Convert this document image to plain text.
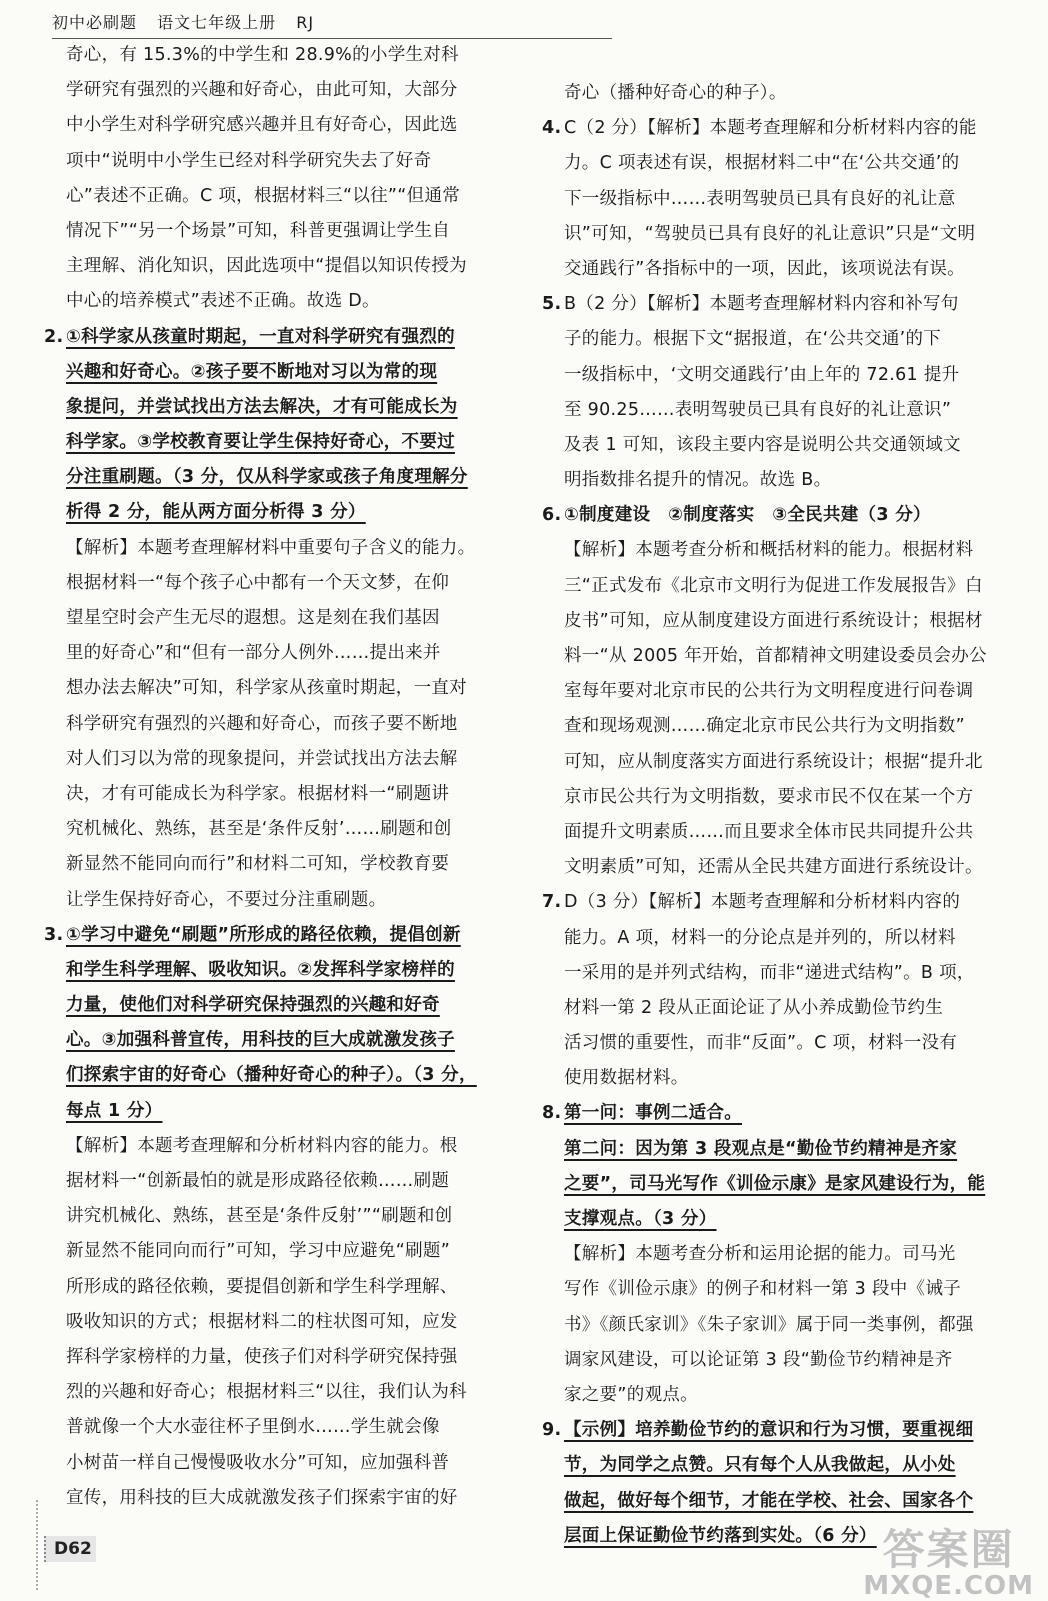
初中必刷题 语文七年级上册 RJ
奇心，有 15.3%的中学生和 28.9%的小学生对科
学研究有强烈的兴趣和好奇心，由此可知，大部分
中小学生对科学研究感兴趣并且有好奇心，因此选
项中“说明中小学生已经对科学研究失去了好奇
心”表述不正确。C 项，根据材料三“以往”“但通常
情况下”“另一个场景”可知，科普更强调让学生自
主理解、消化知识，因此选项中“提倡以知识传授为
中心的培养模式”表述不正确。故选 D。
2. ①科学家从孩童时期起，一直对科学研究有强烈的
兴趣和好奇心。②孩子要不断地对习以为常的现
象提问，并尝试找出方法去解决，才有可能成长为
科学家。③学校教育要让学生保持好奇心，不要过
分注重刷题。（3 分，仅从科学家或孩子角度理解分
析得 2 分，能从两方面分析得 3 分）
【解析】本题考查理解材料中重要句子含义的能力。
根据材料一“每个孩子心中都有一个天文梦，在仰
望星空时会产生无尽的遐想。这是刻在我们基因
里的好奇心”和“但有一部分人例外……提出来并
想办法去解决”可知，科学家从孩童时期起，一直对
科学研究有强烈的兴趣和好奇心，而孩子要不断地
对人们习以为常的现象提问，并尝试找出方法去解
决，才有可能成长为科学家。根据材料一“刷题讲
究机械化、熟练，甚至是‘条件反射’……刷题和创
新显然不能同向而行”和材料二可知，学校教育要
让学生保持好奇心，不要过分注重刷题。
3. ①学习中避免“刷题”所形成的路径依赖，提倡创新
和学生科学理解、吸收知识。②发挥科学家榜样的
力量，使他们对科学研究保持强烈的兴趣和好奇
心。③加强科普宣传，用科技的巨大成就激发孩子
们探索宇宙的好奇心（播种好奇心的种子）。（3 分，
每点 1 分）
【解析】本题考查理解和分析材料内容的能力。根
据材料一“创新最怕的就是形成路径依赖……刷题
讲究机械化、熟练，甚至是‘条件反射’”“刷题和创
新显然不能同向而行”可知，学习中应避免“刷题”
所形成的路径依赖，要提倡创新和学生科学理解、
吸收知识的方式；根据材料二的柱状图可知，应发
挥科学家榜样的力量，使孩子们对科学研究保持强
烈的兴趣和好奇心；根据材料三“以往，我们认为科
普就像一个大水壶往杯子里倒水……学生就会像
小树苗一样自己慢慢吸收水分”可知，应加强科普
宣传，用科技的巨大成就激发孩子们探索宇宙的好
奇心（播种好奇心的种子）。
4. C（2 分）【解析】本题考查理解和分析材料内容的能
力。C 项表述有误，根据材料二中“在‘公共交通’的
下一级指标中……表明驾驶员已具有良好的礼让意
识”可知，“驾驶员已具有良好的礼让意识”只是“文明
交通践行”各指标中的一项，因此，该项说法有误。
5. B（2 分）【解析】本题考查理解材料内容和补写句
子的能力。根据下文“据报道，在‘公共交通’的下
一级指标中，‘文明交通践行’由上年的 72.61 提升
至 90.25……表明驾驶员已具有良好的礼让意识”
及表 1 可知，该段主要内容是说明公共交通领域文
明指数排名提升的情况。故选 B。
6. ①制度建设　②制度落实　③全民共建（3 分）
【解析】本题考查分析和概括材料的能力。根据材料
三“正式发布《北京市文明行为促进工作发展报告》白
皮书”可知，应从制度建设方面进行系统设计；根据材
料一“从 2005 年开始，首都精神文明建设委员会办公
室每年要对北京市民的公共行为文明程度进行问卷调
查和现场观测……确定北京市民公共行为文明指数”
可知，应从制度落实方面进行系统设计；根据“提升北
京市民公共行为文明指数，要求市民不仅在某一个方
面提升文明素质……而且要求全体市民共同提升公共
文明素质”可知，还需从全民共建方面进行系统设计。
7. D（3 分）【解析】本题考查理解和分析材料内容的
能力。A 项，材料一的分论点是并列的，所以材料
一采用的是并列式结构，而非“递进式结构”。B 项，
材料一第 2 段从正面论证了从小养成勤俭节约生
活习惯的重要性，而非“反面”。C 项，材料一没有
使用数据材料。
8. 第一问：事例二适合。
第二问：因为第 3 段观点是“勤俭节约精神是齐家
之要”，司马光写作《训俭示康》是家风建设行为，能
支撑观点。（3 分）
【解析】本题考查分析和运用论据的能力。司马光
写作《训俭示康》的例子和材料一第 3 段中《诫子
书》《颜氏家训》《朱子家训》属于同一类事例，都强
调家风建设，可以论证第 3 段“勤俭节约精神是齐
家之要”的观点。
9. 【示例】培养勤俭节约的意识和行为习惯，要重视细
节，为同学之点赞。只有每个人从我做起，从小处
做起，做好每个细节，才能在学校、社会、国家各个
层面上保证勤俭节约落到实处。（6 分）
D62	答案圈
MXQE.COM
